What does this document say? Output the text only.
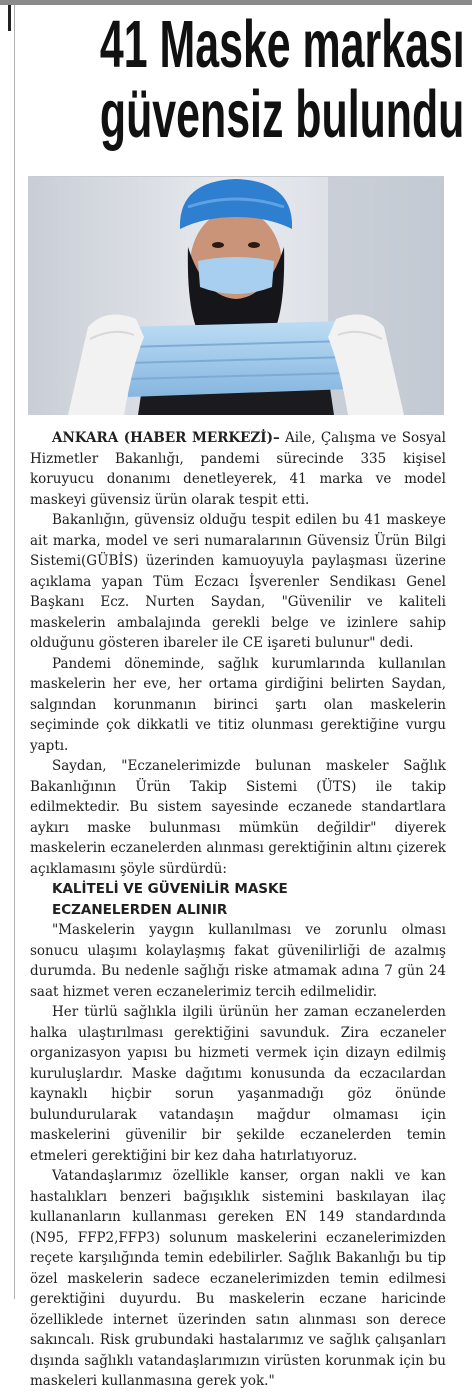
41 Maske markası
güvensiz bulundu

ANKARA (HABER MERKEZİ)– Aile, Çalışma ve Sosyal Hizmetler Bakanlığı, pandemi sürecinde 335 kişisel koruyucu donanımı denetleyerek, 41 marka ve model maskeyi güvensiz ürün olarak tespit etti.

Bakanlığın, güvensiz olduğu tespit edilen bu 41 maskeye ait marka, model ve seri numaralarının Güvensiz Ürün Bilgi Sistemi(GÜBİS) üzerinden kamuoyuyla paylaşması üzerine açıklama yapan Tüm Eczacı İşverenler Sendikası Genel Başkanı Ecz. Nurten Saydan, "Güvenilir ve kaliteli maskelerin ambalajında gerekli belge ve izinlere sahip olduğunu gösteren ibareler ile CE işareti bulunur" dedi.

Pandemi döneminde, sağlık kurumlarında kullanılan maskelerin her eve, her ortama girdiğini belirten Saydan, salgından korunmanın birinci şartı olan maskelerin seçiminde çok dikkatli ve titiz olunması gerektiğine vurgu yaptı.

Saydan, "Eczanelerimizde bulunan maskeler Sağlık Bakanlığının Ürün Takip Sistemi (ÜTS) ile takip edilmektedir. Bu sistem sayesinde eczanede standartlara aykırı maske bulunması mümkün değildir" diyerek maskelerin eczanelerden alınması gerektiğinin altını çizerek açıklamasını şöyle sürdürdü:

KALİTELİ VE GÜVENİLİR MASKE
ECZANELERDEN ALINIR

"Maskelerin yaygın kullanılması ve zorunlu olması sonucu ulaşımı kolaylaşmış fakat güvenilirliği de azalmış durumda. Bu nedenle sağlığı riske atmamak adına 7 gün 24 saat hizmet veren eczanelerimiz tercih edilmelidir.

Her türlü sağlıkla ilgili ürünün her zaman eczanelerden halka ulaştırılması gerektiğini savunduk. Zira eczaneler organizasyon yapısı bu hizmeti vermek için dizayn edilmiş kuruluşlardır. Maske dağıtımı konusunda da eczacılardan kaynaklı hiçbir sorun yaşanmadığı göz önünde bulundurularak vatandaşın mağdur olmaması için maskelerini güvenilir bir şekilde eczanelerden temin etmeleri gerektiğini bir kez daha hatırlatıyoruz.

Vatandaşlarımız özellikle kanser, organ nakli ve kan hastalıkları benzeri bağışıklık sistemini baskılayan ilaç kullananların kullanması gereken EN 149 standardında (N95, FFP2,FFP3) solunum maskelerini eczanelerimizden reçete karşılığında temin edebilirler. Sağlık Bakanlığı bu tip özel maskelerin sadece eczanelerimizden temin edilmesi gerektiğini duyurdu. Bu maskelerin eczane haricinde özelliklede internet üzerinden satın alınması son derece sakıncalı. Risk grubundaki hastalarımız ve sağlık çalışanları dışında sağlıklı vatandaşlarımızın virüsten korunmak için bu maskeleri kullanmasına gerek yok."
